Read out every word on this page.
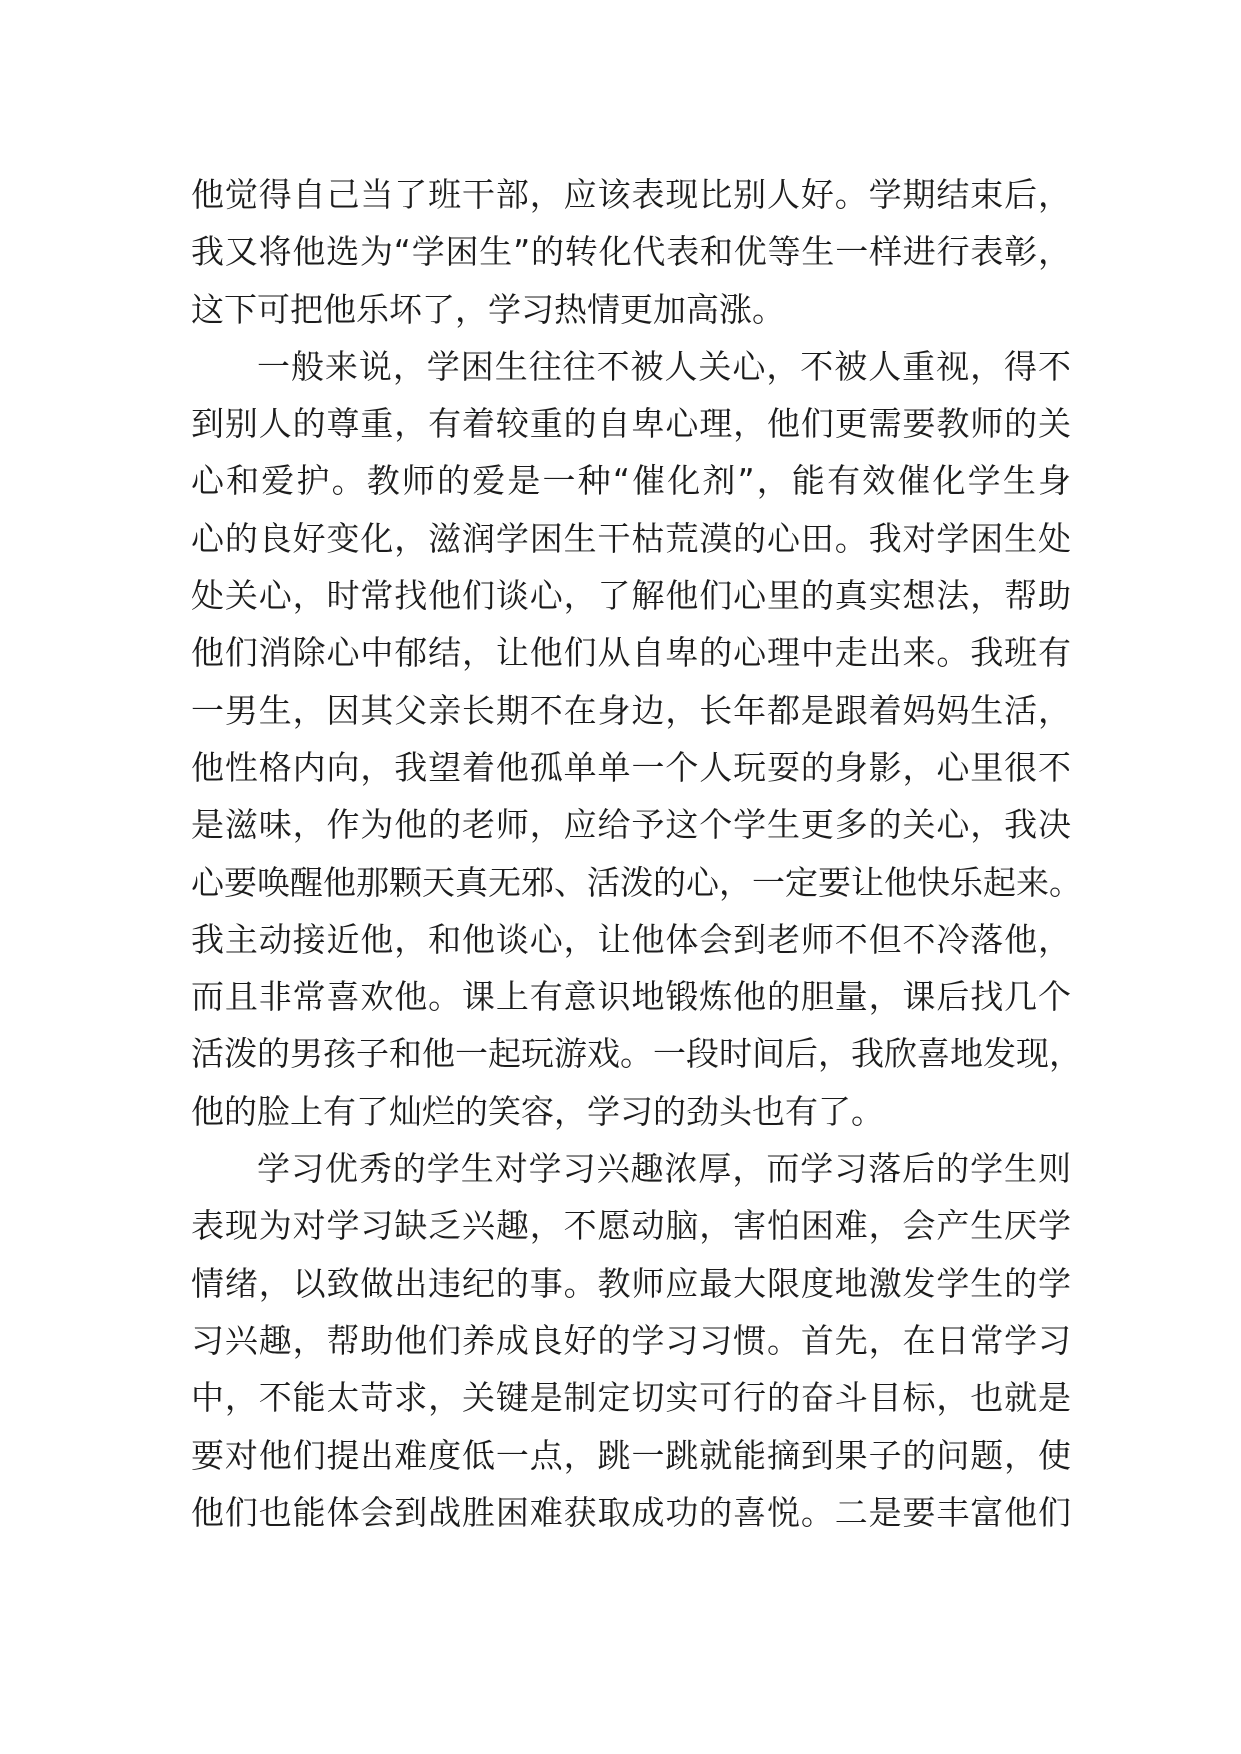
他觉得自己当了班干部，应该表现比别人好。学期结束后，
我又将他选为“学困生”的转化代表和优等生一样进行表彰，
这下可把他乐坏了，学习热情更加高涨。
一般来说，学困生往往不被人关心，不被人重视，得不
到别人的尊重，有着较重的自卑心理，他们更需要教师的关
心和爱护。教师的爱是一种“催化剂”，能有效催化学生身
心的良好变化，滋润学困生干枯荒漠的心田。我对学困生处
处关心，时常找他们谈心，了解他们心里的真实想法，帮助
他们消除心中郁结，让他们从自卑的心理中走出来。我班有
一男生，因其父亲长期不在身边，长年都是跟着妈妈生活，
他性格内向，我望着他孤单单一个人玩耍的身影，心里很不
是滋味，作为他的老师，应给予这个学生更多的关心，我决
心要唤醒他那颗天真无邪、活泼的心，一定要让他快乐起来。
我主动接近他，和他谈心，让他体会到老师不但不冷落他，
而且非常喜欢他。课上有意识地锻炼他的胆量，课后找几个
活泼的男孩子和他一起玩游戏。一段时间后，我欣喜地发现，
他的脸上有了灿烂的笑容，学习的劲头也有了。
学习优秀的学生对学习兴趣浓厚，而学习落后的学生则
表现为对学习缺乏兴趣，不愿动脑，害怕困难，会产生厌学
情绪，以致做出违纪的事。教师应最大限度地激发学生的学
习兴趣，帮助他们养成良好的学习习惯。首先，在日常学习
中，不能太苛求，关键是制定切实可行的奋斗目标，也就是
要对他们提出难度低一点，跳一跳就能摘到果子的问题，使
他们也能体会到战胜困难获取成功的喜悦。二是要丰富他们
